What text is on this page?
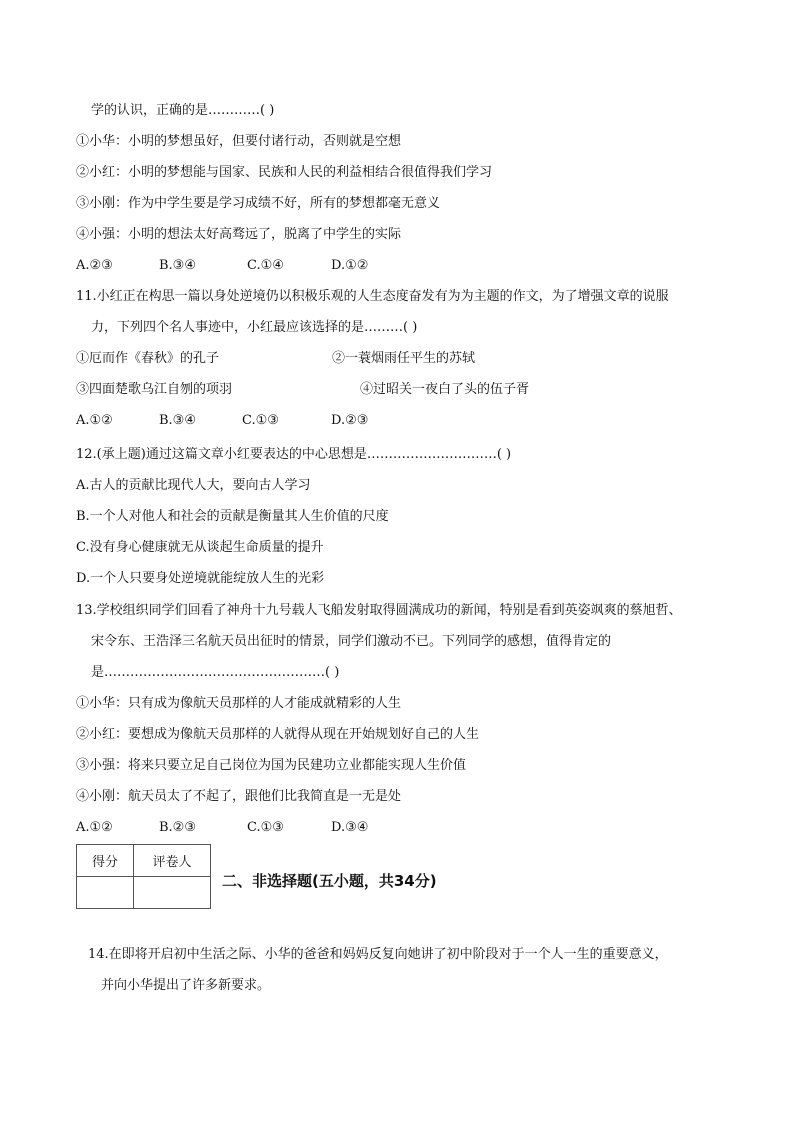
学的认识，正确的是…………( )
①小华：小明的梦想虽好，但要付诸行动，否则就是空想
②小红：小明的梦想能与国家、民族和人民的利益相结合很值得我们学习
③小刚：作为中学生要是学习成绩不好，所有的梦想都毫无意义
④小强：小明的想法太好高骛远了，脱离了中学生的实际
A.②③	B.③④	C.①④	D.①②
11.小红正在构思一篇以身处逆境仍以积极乐观的人生态度奋发有为为主题的作文，为了增强文章的说服
力，下列四个名人事迹中，小红最应该选择的是………( )
①厄而作《春秋》的孔子	②一蓑烟雨任平生的苏轼
③四面楚歌乌江自刎的项羽	④过昭关一夜白了头的伍子胥
A.①②	B.③④	C.①③	D.②③
12.(承上题)通过这篇文章小红要表达的中心思想是…………………………( )
A.古人的贡献比现代人大，要向古人学习
B.一个人对他人和社会的贡献是衡量其人生价值的尺度
C.没有身心健康就无从谈起生命质量的提升
D.一个人只要身处逆境就能绽放人生的光彩
13.学校组织同学们回看了神舟十九号载人飞船发射取得圆满成功的新闻，特别是看到英姿飒爽的蔡旭哲、
宋令东、王浩泽三名航天员出征时的情景，同学们激动不已。下列同学的感想，值得肯定的
是……………………………………………( )
①小华：只有成为像航天员那样的人才能成就精彩的人生
②小红：要想成为像航天员那样的人就得从现在开始规划好自己的人生
③小强：将来只要立足自己岗位为国为民建功立业都能实现人生价值
④小刚：航天员太了不起了，跟他们比我简直是一无是处
A.①②	B.②③	C.①③	D.③④
得分	评卷人

二、非选择题(五小题，共34分)
14.在即将开启初中生活之际、小华的爸爸和妈妈反复向她讲了初中阶段对于一个人一生的重要意义，
并向小华提出了许多新要求。
